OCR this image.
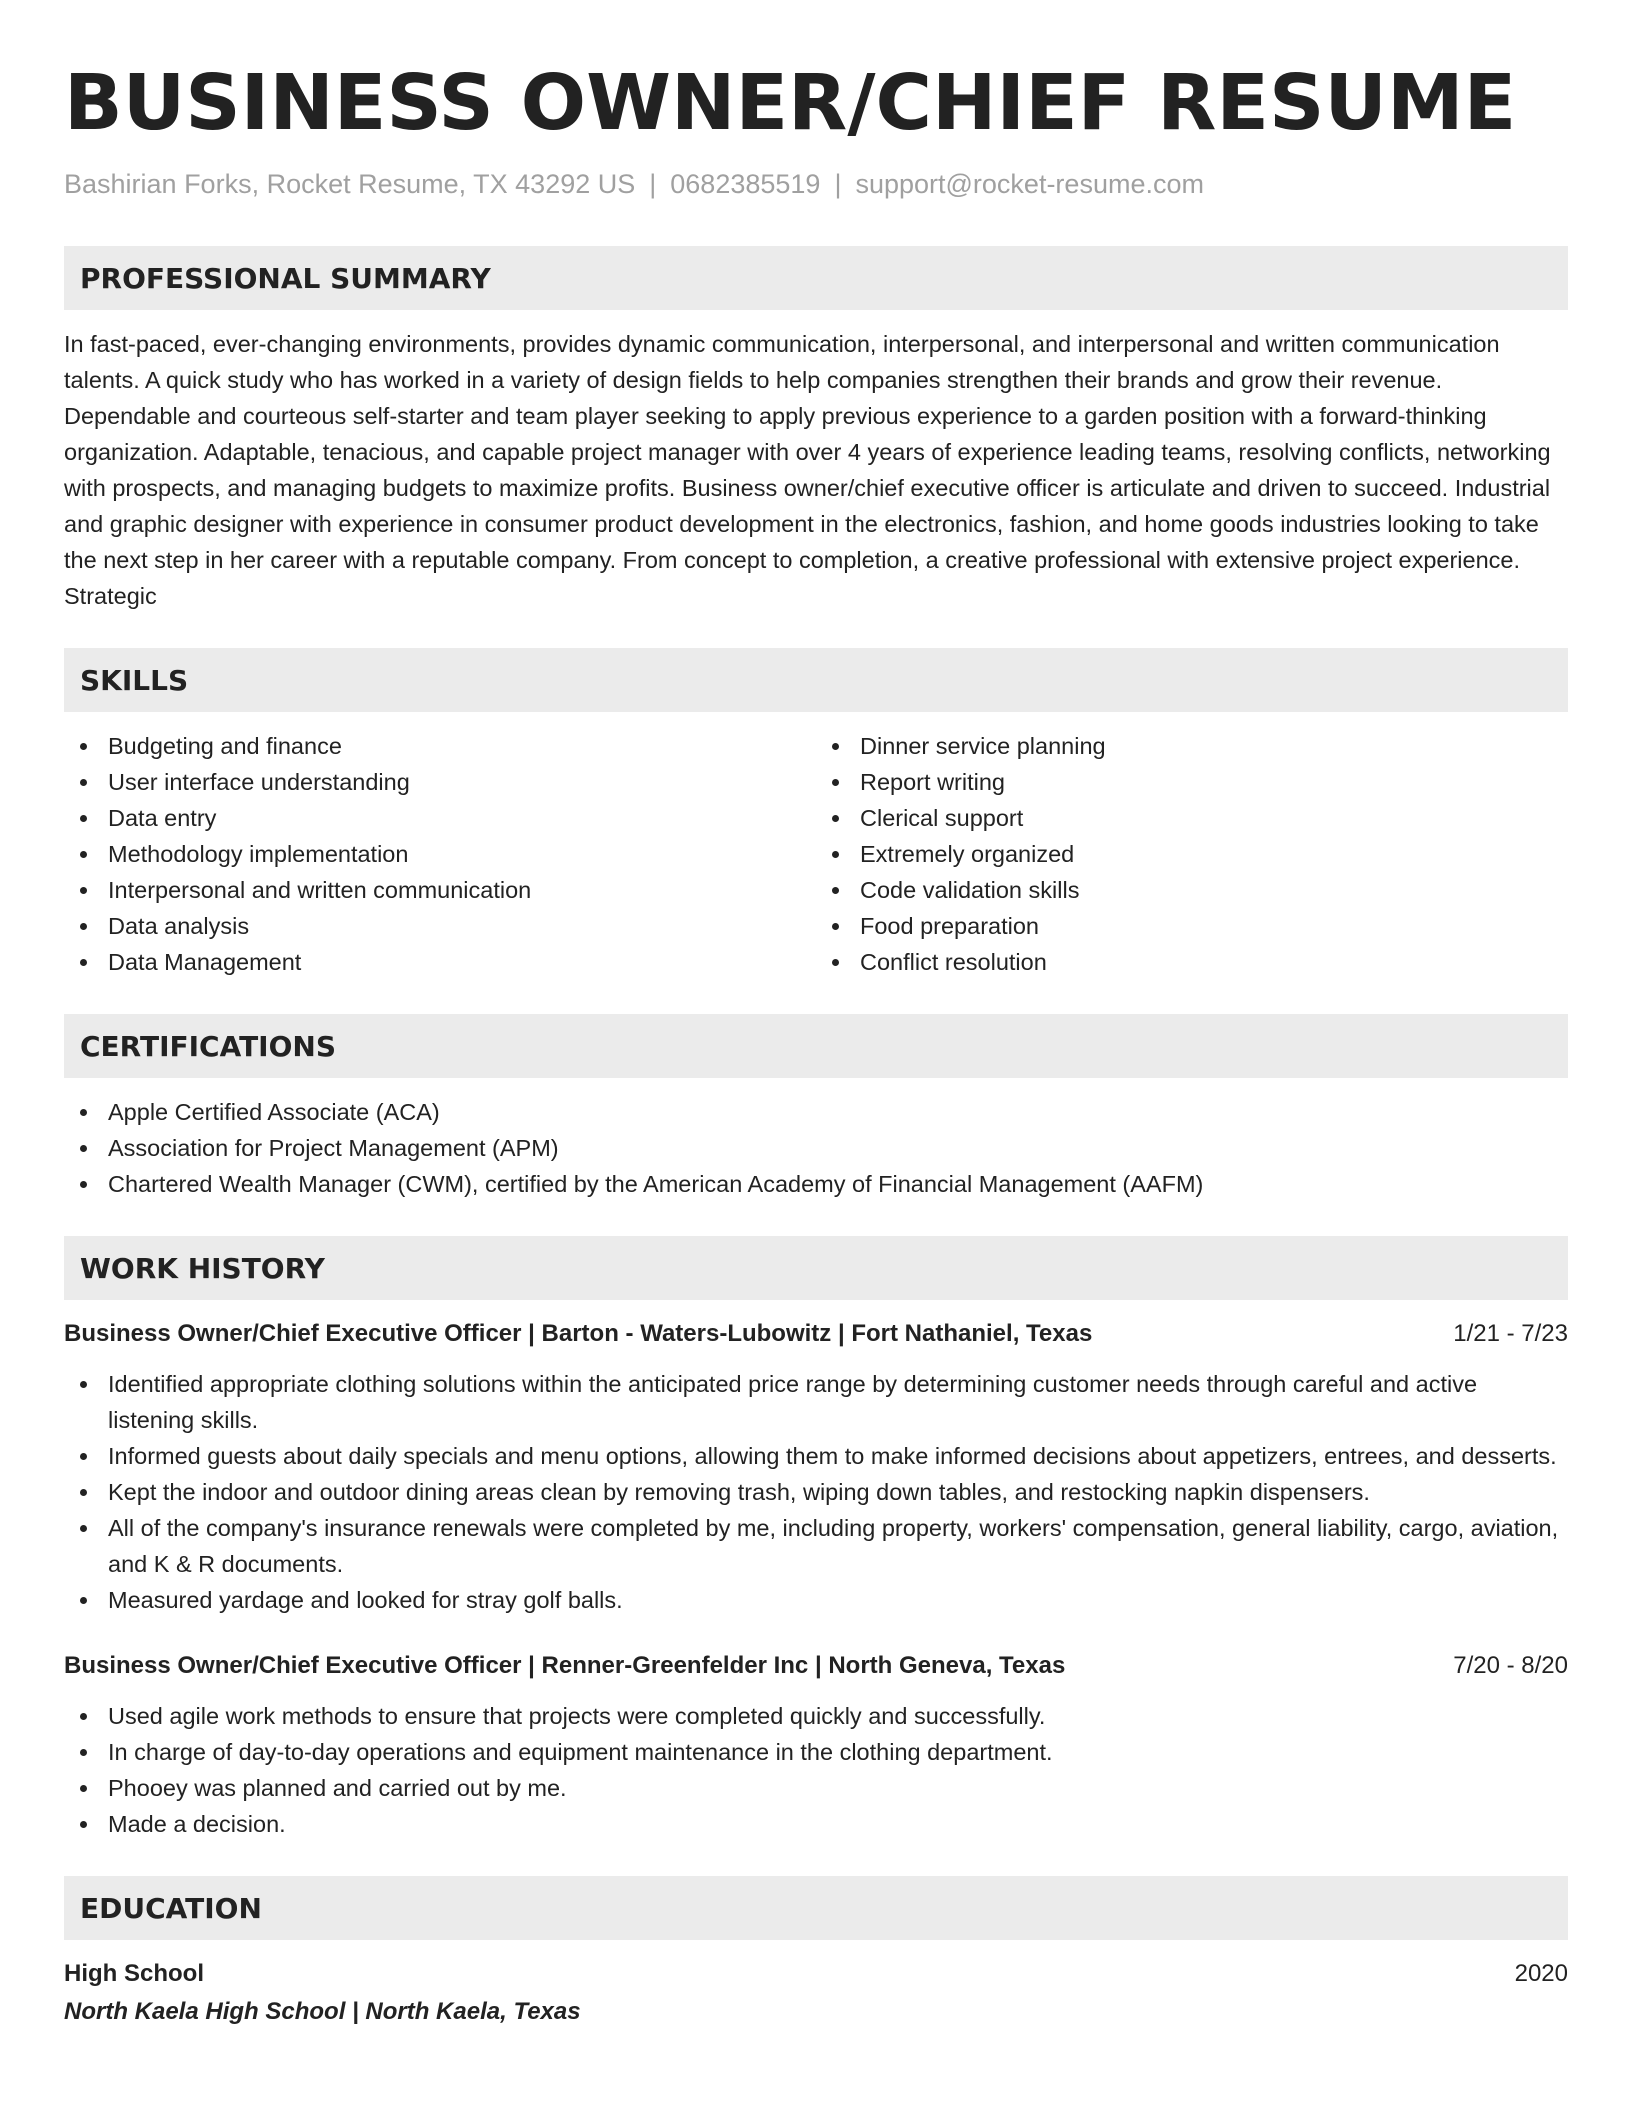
BUSINESS OWNER/CHIEF RESUME
Bashirian Forks, Rocket Resume, TX 43292 US | 0682385519 | support@rocket-resume.com
PROFESSIONAL SUMMARY
In fast-paced, ever-changing environments, provides dynamic communication, interpersonal, and interpersonal and written communication talents. A quick study who has worked in a variety of design fields to help companies strengthen their brands and grow their revenue. Dependable and courteous self-starter and team player seeking to apply previous experience to a garden position with a forward-thinking organization. Adaptable, tenacious, and capable project manager with over 4 years of experience leading teams, resolving conflicts, networking with prospects, and managing budgets to maximize profits. Business owner/chief executive officer is articulate and driven to succeed. Industrial and graphic designer with experience in consumer product development in the electronics, fashion, and home goods industries looking to take the next step in her career with a reputable company. From concept to completion, a creative professional with extensive project experience. Strategic
SKILLS
Budgeting and finance
User interface understanding
Data entry
Methodology implementation
Interpersonal and written communication
Data analysis
Data Management
Dinner service planning
Report writing
Clerical support
Extremely organized
Code validation skills
Food preparation
Conflict resolution
CERTIFICATIONS
Apple Certified Associate (ACA)
Association for Project Management (APM)
Chartered Wealth Manager (CWM), certified by the American Academy of Financial Management (AAFM)
WORK HISTORY
Business Owner/Chief Executive Officer | Barton - Waters-Lubowitz | Fort Nathaniel, Texas	1/21 - 7/23
Identified appropriate clothing solutions within the anticipated price range by determining customer needs through careful and active listening skills.
Informed guests about daily specials and menu options, allowing them to make informed decisions about appetizers, entrees, and desserts.
Kept the indoor and outdoor dining areas clean by removing trash, wiping down tables, and restocking napkin dispensers.
All of the company's insurance renewals were completed by me, including property, workers' compensation, general liability, cargo, aviation, and K & R documents.
Measured yardage and looked for stray golf balls.
Business Owner/Chief Executive Officer | Renner-Greenfelder Inc | North Geneva, Texas	7/20 - 8/20
Used agile work methods to ensure that projects were completed quickly and successfully.
In charge of day-to-day operations and equipment maintenance in the clothing department.
Phooey was planned and carried out by me.
Made a decision.
EDUCATION
High School	2020
North Kaela High School | North Kaela, Texas
